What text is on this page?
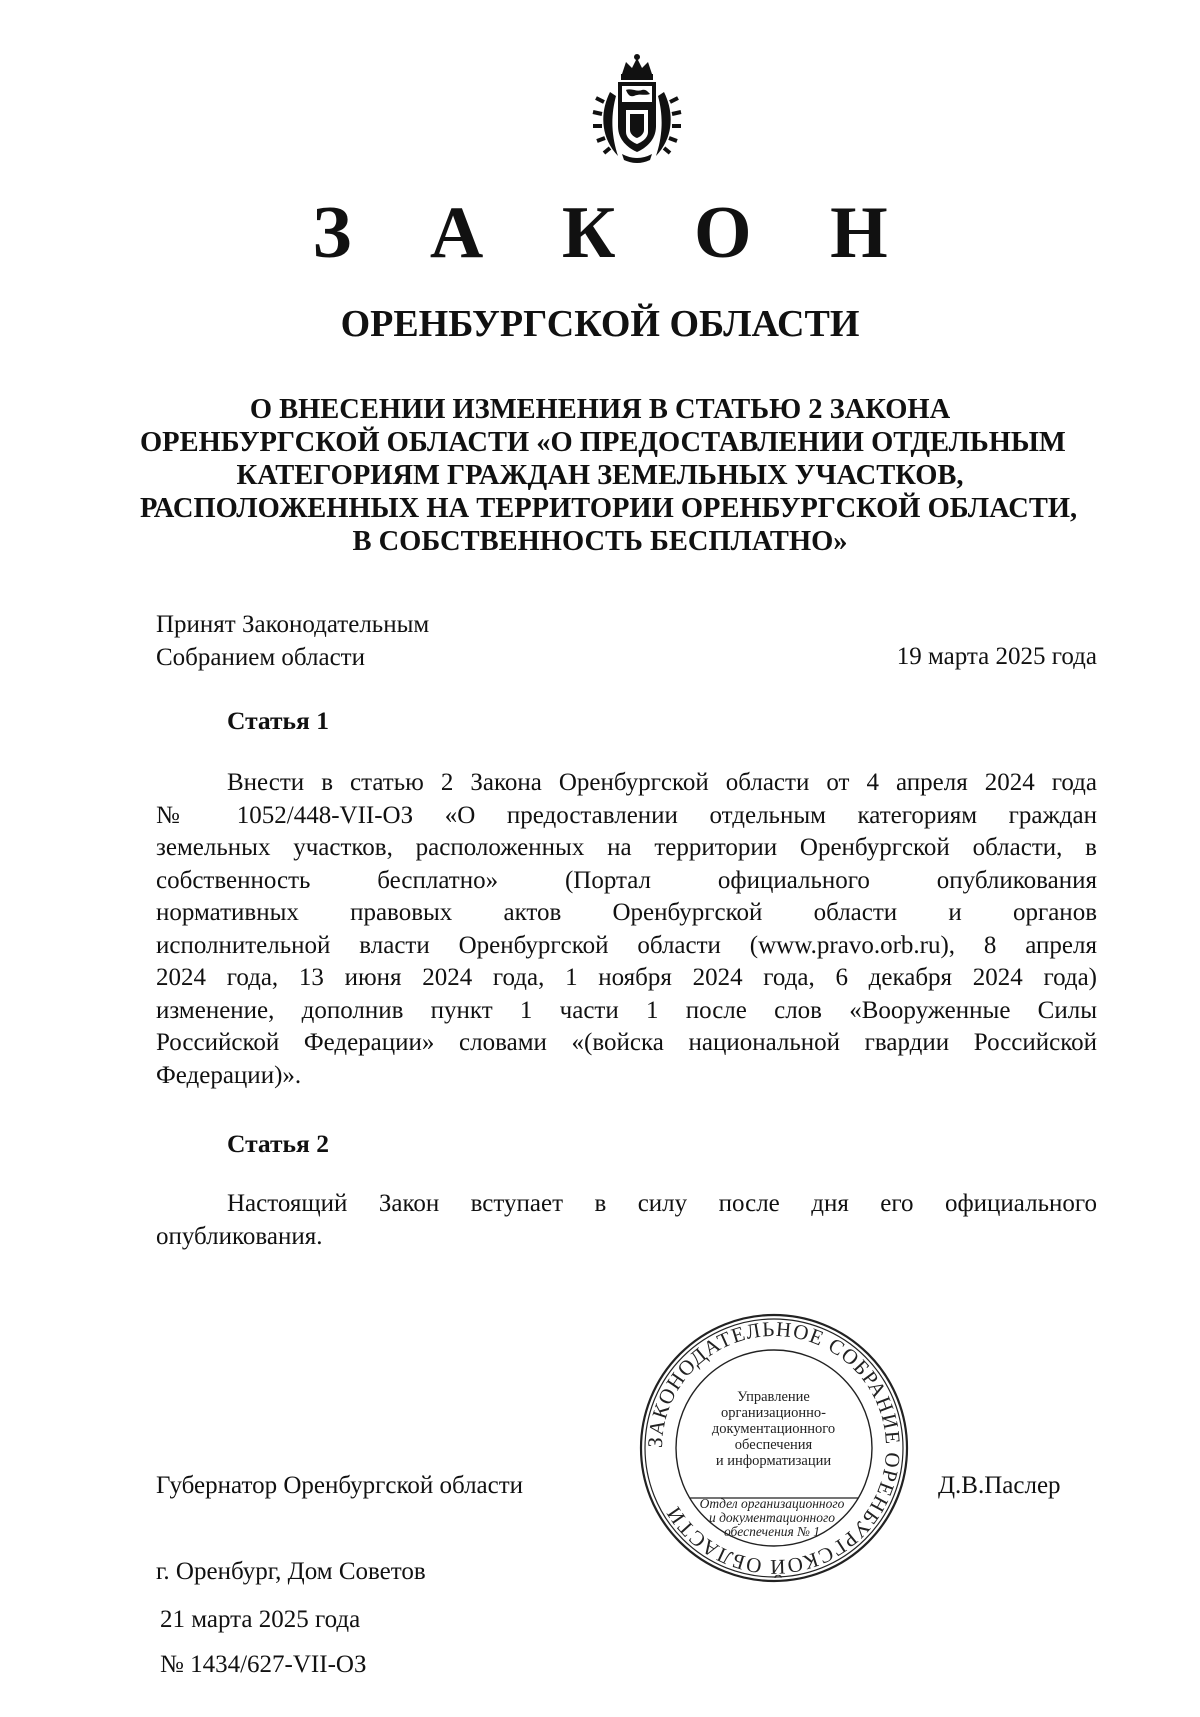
З А К О Н
ОРЕНБУРГСКОЙ ОБЛАСТИ
О ВНЕСЕНИИ ИЗМЕНЕНИЯ В СТАТЬЮ 2 ЗАКОНА
ОРЕНБУРГСКОЙ ОБЛАСТИ «О ПРЕДОСТАВЛЕНИИ ОТДЕЛЬНЫМ
КАТЕГОРИЯМ ГРАЖДАН ЗЕМЕЛЬНЫХ УЧАСТКОВ,
РАСПОЛОЖЕННЫХ НА ТЕРРИТОРИИ ОРЕНБУРГСКОЙ ОБЛАСТИ,
В СОБСТВЕННОСТЬ БЕСПЛАТНО»
Принят Законодательным
Собранием области	19 марта 2025 года
Статья 1
Внести в статью 2 Закона Оренбургской области от 4 апреля 2024 года
№ 1052/448-VII-ОЗ «О предоставлении отдельным категориям граждан
земельных участков, расположенных на территории Оренбургской области, в
собственность бесплатно» (Портал официального опубликования
нормативных правовых актов Оренбургской области и органов
исполнительной власти Оренбургской области (www.pravo.orb.ru), 8 апреля
2024 года, 13 июня 2024 года, 1 ноября 2024 года, 6 декабря 2024 года)
изменение, дополнив пункт 1 части 1 после слов «Вооруженные Силы
Российской Федерации» словами «(войска национальной гвардии Российской
Федерации)».
Статья 2
Настоящий Закон вступает в силу после дня его официального
опубликования.
ЗАКОНОДАТЕЛЬНОЕ СОБРАНИЕ ОРЕНБУРГСКОЙ ОБЛАСТИ
Управление
организационно-
документационного
обеспечения
и информатизации
Отдел организационного
и документационного
обеспечения № 1
Губернатор Оренбургской области	Д.В.Паслер
г. Оренбург, Дом Советов
21 марта 2025 года
№ 1434/627-VII-ОЗ
